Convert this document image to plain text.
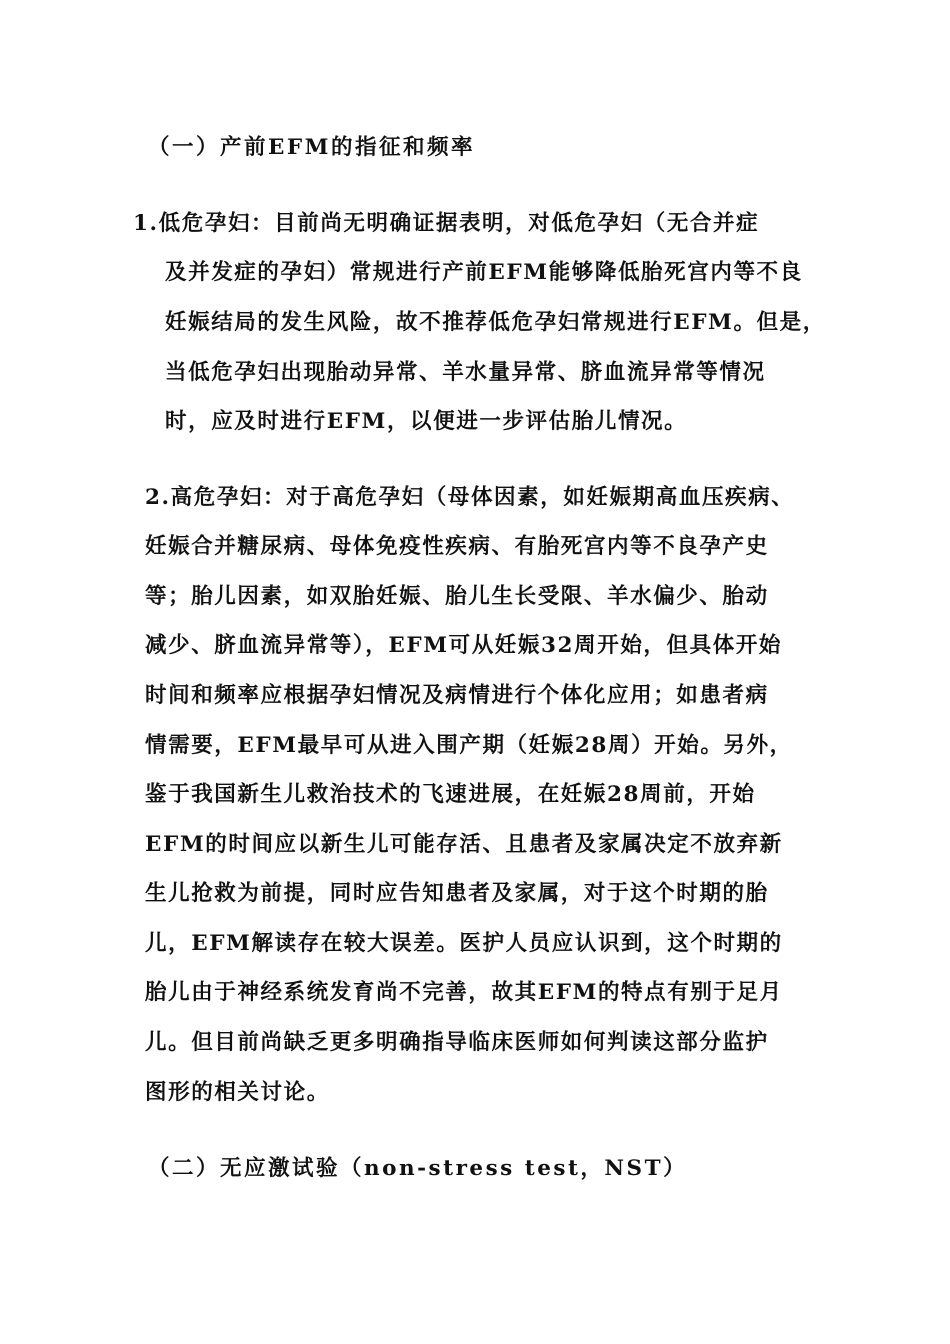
（一）产前EFM的指征和频率
1.低危孕妇：目前尚无明确证据表明，对低危孕妇（无合并症
及并发症的孕妇）常规进行产前EFM能够降低胎死宫内等不良
妊娠结局的发生风险，故不推荐低危孕妇常规进行EFM。但是，
当低危孕妇出现胎动异常、羊水量异常、脐血流异常等情况
时，应及时进行EFM，以便进一步评估胎儿情况。
2.高危孕妇：对于高危孕妇（母体因素，如妊娠期高血压疾病、
妊娠合并糖尿病、母体免疫性疾病、有胎死宫内等不良孕产史
等；胎儿因素，如双胎妊娠、胎儿生长受限、羊水偏少、胎动
减少、脐血流异常等），EFM可从妊娠32周开始，但具体开始
时间和频率应根据孕妇情况及病情进行个体化应用；如患者病
情需要，EFM最早可从进入围产期（妊娠28周）开始。另外，
鉴于我国新生儿救治技术的飞速进展，在妊娠28周前，开始
EFM的时间应以新生儿可能存活、且患者及家属决定不放弃新
生儿抢救为前提，同时应告知患者及家属，对于这个时期的胎
儿，EFM解读存在较大误差。医护人员应认识到，这个时期的
胎儿由于神经系统发育尚不完善，故其EFM的特点有别于足月
儿。但目前尚缺乏更多明确指导临床医师如何判读这部分监护
图形的相关讨论。
（二）无应激试验（non-stress test，NST）
